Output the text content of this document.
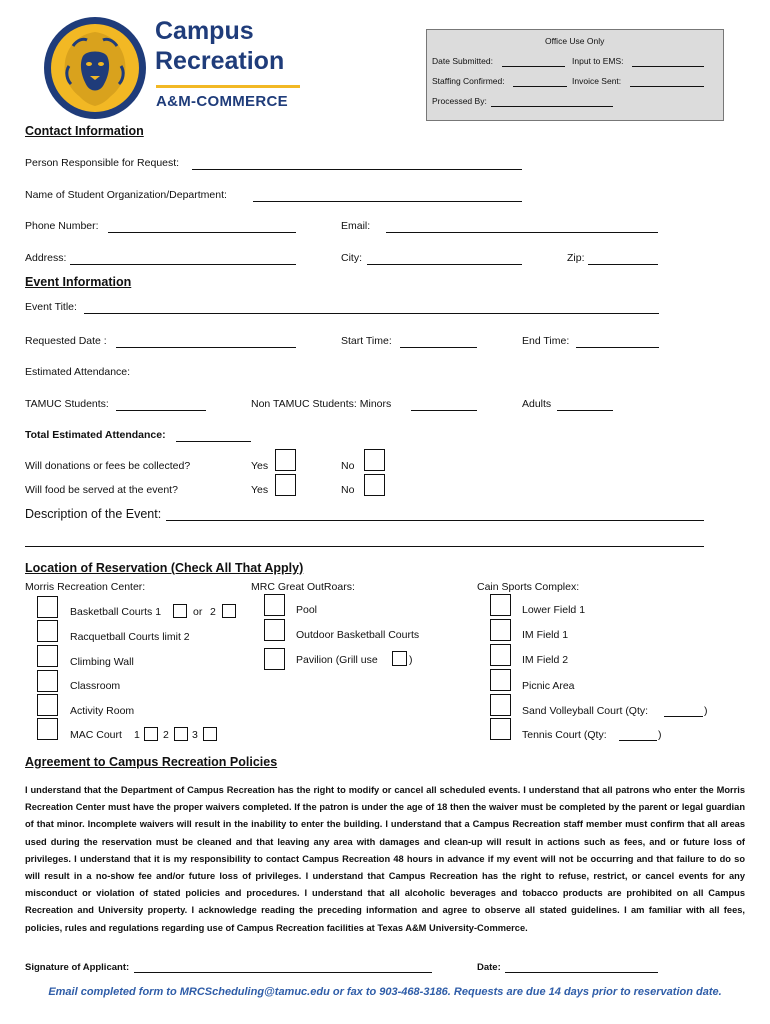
Campus
Recreation
A&M-COMMERCE
Office Use Only
Date Submitted:	Input to EMS:
Staffing Confirmed:	Invoice Sent:
Processed By:
Contact Information
Person Responsible for Request:
Name of Student Organization/Department:
Phone Number:	Email:
Address:	City:	Zip:
Event Information
Event Title:
Requested Date :	Start Time:	End Time:
Estimated Attendance:
TAMUC Students:	Non TAMUC Students: Minors	Adults
Total Estimated Attendance:
Will donations or fees be collected?	Yes	No
Will food be served at the event?	Yes	No
Description of the Event:
Location of Reservation (Check All That Apply)
Morris Recreation Center:	MRC Great OutRoars:	Cain Sports Complex:
Basketball Courts 1	or 2
Racquetball Courts limit 2
Climbing Wall
Classroom
Activity Room
MAC Court 1 2 3
Pool
Outdoor Basketball Courts
Pavilion (Grill use	)
Lower Field 1
IM Field 1
IM Field 2
Picnic Area
Sand Volleyball Court (Qty:	)
Tennis Court (Qty:	)
Agreement to Campus Recreation Policies
I understand that the Department of Campus Recreation has the right to modify or cancel all scheduled events. I understand that all patrons who enter the Morris Recreation Center must have the proper waivers completed. If the patron is under the age of 18 then the waiver must be completed by the parent or legal guardian of that minor. Incomplete waivers will result in the inability to enter the building. I understand that a Campus Recreation staff member must confirm that all areas used during the reservation must be cleaned and that leaving any area with damages and clean-up will result in actions such as fees, and or future loss of privileges. I understand that it is my responsibility to contact Campus Recreation 48 hours in advance if my event will not be occurring and that failure to do so will result in a no-show fee and/or future loss of privileges. I understand that Campus Recreation has the right to refuse, restrict, or cancel events for any misconduct or violation of stated policies and procedures. I understand that all alcoholic beverages and tobacco products are prohibited on all Campus Recreation and University property. I acknowledge reading the preceding information and agree to observe all stated guidelines. I am familiar with all fees, policies, rules and regulations regarding use of Campus Recreation facilities at Texas A&M University-Commerce.
Signature of Applicant:	Date:
Email completed form to MRCScheduling@tamuc.edu or fax to 903-468-3186. Requests are due 14 days prior to reservation date.
